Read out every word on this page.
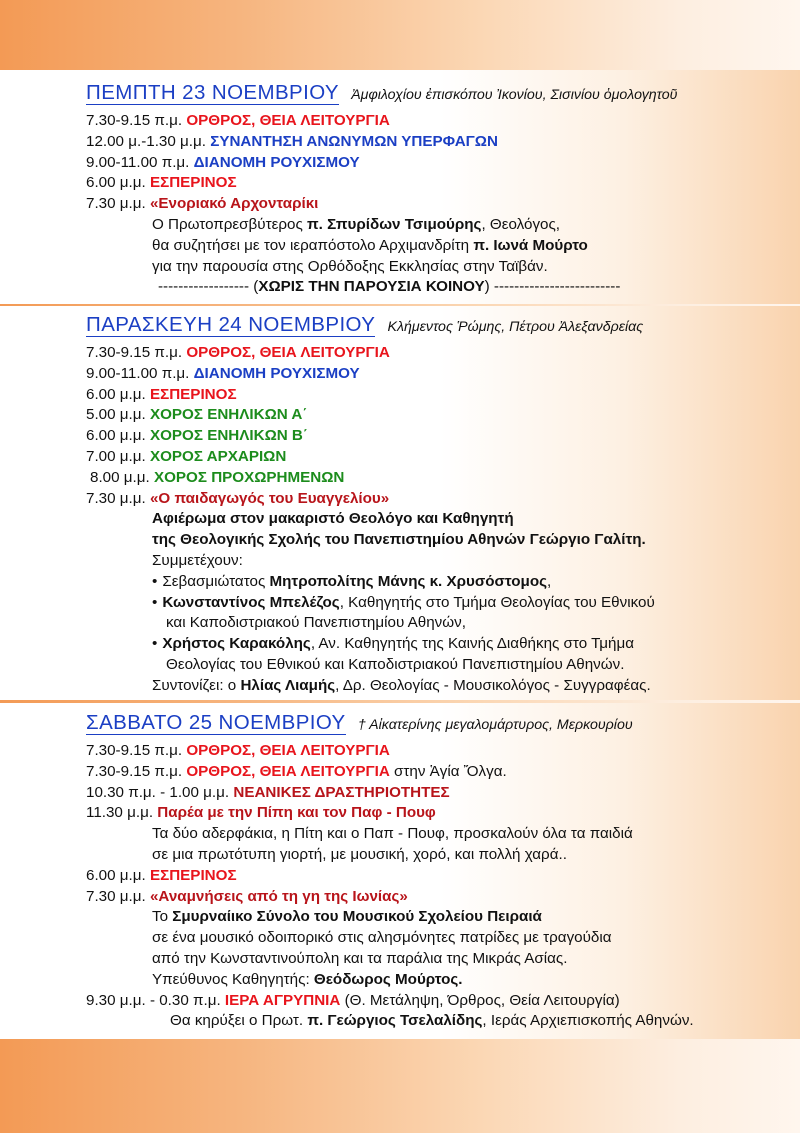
ΠΕΜΠΤΗ 23 ΝΟΕΜΒΡΙΟΥ Ἀμφιλοχίου ἐπισκόπου Ἰκονίου, Σισινίου ὁμολογητοῦ
7.30-9.15 π.μ. ΟΡΘΡΟΣ, ΘΕΙΑ ΛΕΙΤΟΥΡΓΙΑ
12.00 μ.-1.30 μ.μ. ΣΥΝΑΝΤΗΣΗ ΑΝΩΝΥΜΩΝ ΥΠΕΡΦΑΓΩΝ
9.00-11.00 π.μ. ΔΙΑΝΟΜΗ ΡΟΥΧΙΣΜΟΥ
6.00 μ.μ. ΕΣΠΕΡΙΝΟΣ
7.30 μ.μ. «Ενοριακό Αρχονταρίκι
Ο Πρωτοπρεσβύτερος π. Σπυρίδων Τσιμούρης, Θεολόγος,
θα συζητήσει με τον ιεραπόστολο Αρχιμανδρίτη π. Ιωνά Μούρτο
για την παρουσία στης Ορθόδοξης Εκκλησίας στην Ταϊβάν.
------------------ (ΧΩΡΙΣ ΤΗΝ ΠΑΡΟΥΣΙΑ ΚΟΙΝΟΥ) -------------------------
ΠΑΡΑΣΚΕΥΗ 24 ΝΟΕΜΒΡΙΟΥ Κλήμεντος Ῥώμης, Πέτρου Ἀλεξανδρείας
7.30-9.15 π.μ. ΟΡΘΡΟΣ, ΘΕΙΑ ΛΕΙΤΟΥΡΓΙΑ
9.00-11.00 π.μ. ΔΙΑΝΟΜΗ ΡΟΥΧΙΣΜΟΥ
6.00 μ.μ. ΕΣΠΕΡΙΝΟΣ
5.00 μ.μ. ΧΟΡΟΣ ΕΝΗΛΙΚΩΝ Α΄
6.00 μ.μ. ΧΟΡΟΣ ΕΝΗΛΙΚΩΝ Β΄
7.00 μ.μ. ΧΟΡΟΣ ΑΡΧΑΡΙΩΝ
8.00 μ.μ. ΧΟΡΟΣ ΠΡΟΧΩΡΗΜΕΝΩΝ
7.30 μ.μ. «Ο παιδαγωγός του Ευαγγελίου»
Αφιέρωμα στον μακαριστό Θεολόγο και Καθηγητή
της Θεολογικής Σχολής του Πανεπιστημίου Αθηνών Γεώργιο Γαλίτη.
Συμμετέχουν:
• Σεβασμιώτατος Μητροπολίτης Μάνης κ. Χρυσόστομος,
• Κωνσταντίνος Μπελέζος, Καθηγητής στο Τμήμα Θεολογίας του Εθνικού
και Καποδιστριακού Πανεπιστημίου Αθηνών,
• Χρήστος Καρακόλης, Αν. Καθηγητής της Καινής Διαθήκης στο Τμήμα
Θεολογίας του Εθνικού και Καποδιστριακού Πανεπιστημίου Αθηνών.
Συντονίζει: ο Ηλίας Λιαμής, Δρ. Θεολογίας - Μουσικολόγος - Συγγραφέας.
ΣΑΒΒΑΤΟ 25 ΝΟΕΜΒΡΙΟΥ † Αἰκατερίνης μεγαλομάρτυρος, Μερκουρίου
7.30-9.15 π.μ. ΟΡΘΡΟΣ, ΘΕΙΑ ΛΕΙΤΟΥΡΓΙΑ
7.30-9.15 π.μ. ΟΡΘΡΟΣ, ΘΕΙΑ ΛΕΙΤΟΥΡΓΙΑ στην Ἁγία Ὄλγα.
10.30 π.μ. - 1.00 μ.μ. ΝΕΑΝΙΚΕΣ ΔΡΑΣΤΗΡΙΟΤΗΤΕΣ
11.30 μ.μ. Παρέα με την Πίπη και τον Παφ - Πουφ
Τα δύο αδερφάκια, η Πίτη και ο Παπ - Πουφ, προσκαλούν όλα τα παιδιά
σε μια πρωτότυπη γιορτή, με μουσική, χορό, και πολλή χαρά..
6.00 μ.μ. ΕΣΠΕΡΙΝΟΣ
7.30 μ.μ. «Αναμνήσεις από τη γη της Ιωνίας»
Το Σμυρναίικο Σύνολο του Μουσικού Σχολείου Πειραιά
σε ένα μουσικό οδοιπορικό στις αλησμόνητες πατρίδες με τραγούδια
από την Κωνσταντινούπολη και τα παράλια της Μικράς Ασίας.
Υπεύθυνος Καθηγητής: Θεόδωρος Μούρτος.
9.30 μ.μ. - 0.30 π.μ. ΙΕΡΑ ΑΓΡΥΠΝΙΑ (Θ. Μετάληψη, Όρθρος, Θεία Λειτουργία)
Θα κηρύξει ο Πρωτ. π. Γεώργιος Τσελαλίδης, Ιεράς Αρχιεπισκοπής Αθηνών.
